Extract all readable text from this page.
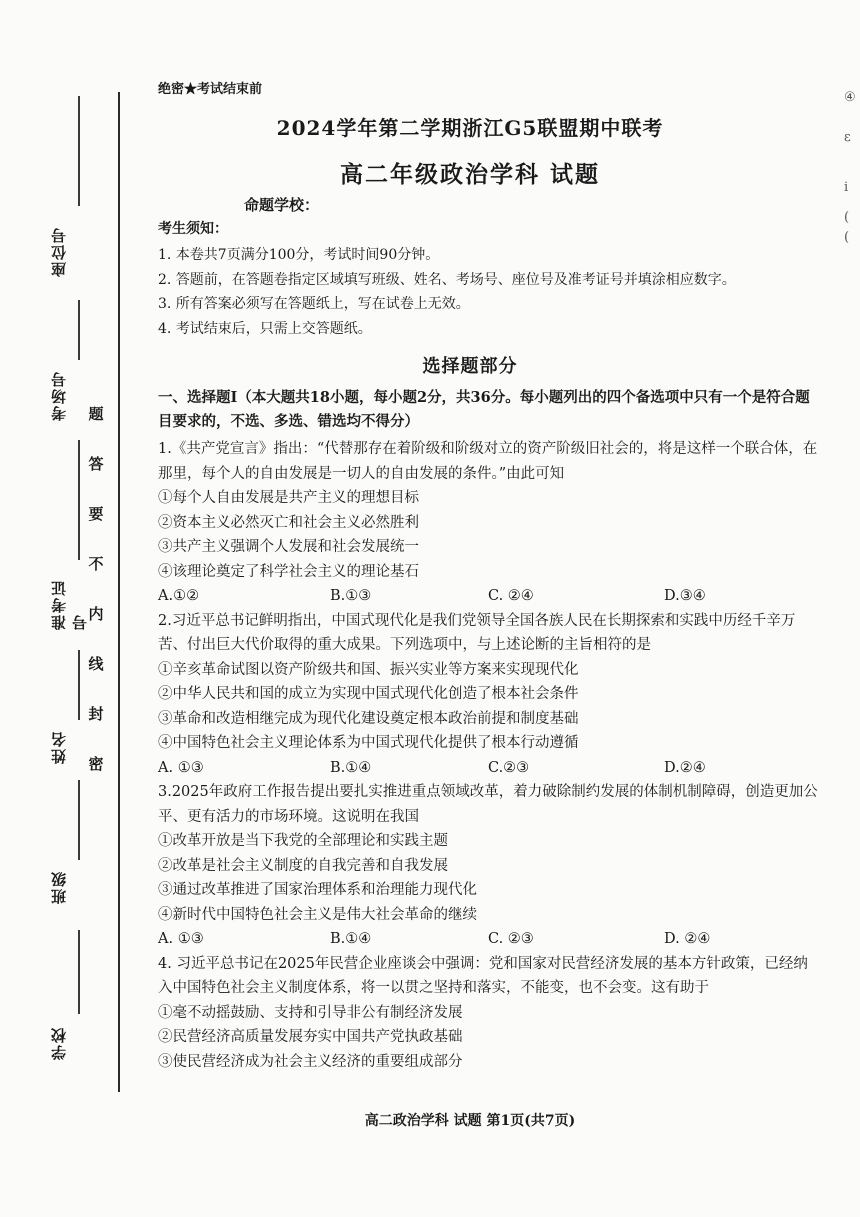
座位号
考场号
准考证号
姓名
班级
学校
题
答
要
不
内
线
封
密
④
ε
i
(
(
绝密★考试结束前
2024学年第二学期浙江G5联盟期中联考
高二年级政治学科 试题
命题学校：
考生须知：
1. 本卷共7页满分100分，考试时间90分钟。
2. 答题前，在答题卷指定区域填写班级、姓名、考场号、座位号及准考证号并填涂相应数字。
3. 所有答案必须写在答题纸上，写在试卷上无效。
4. 考试结束后，只需上交答题纸。
选择题部分
一、选择题Ⅰ（本大题共18小题，每小题2分，共36分。每小题列出的四个备选项中只有一个是符合题目要求的，不选、多选、错选均不得分）

1.《共产党宣言》指出：“代替那存在着阶级和阶级对立的资产阶级旧社会的，将是这样一个联合体，在那里，每个人的自由发展是一切人的自由发展的条件。”由此可知

①每个人自由发展是共产主义的理想目标

②资本主义必然灭亡和社会主义必然胜利

③共产主义强调个人发展和社会发展统一

④该理论奠定了科学社会主义的理论基石

A.①②	B.①③	C. ②④	D.③④

2.习近平总书记鲜明指出，中国式现代化是我们党领导全国各族人民在长期探索和实践中历经千辛万苦、付出巨大代价取得的重大成果。下列选项中，与上述论断的主旨相符的是

①辛亥革命试图以资产阶级共和国、振兴实业等方案来实现现代化

②中华人民共和国的成立为实现中国式现代化创造了根本社会条件

③革命和改造相继完成为现代化建设奠定根本政治前提和制度基础

④中国特色社会主义理论体系为中国式现代化提供了根本行动遵循

A. ①③	B.①④	C.②③	D.②④

3.2025年政府工作报告提出要扎实推进重点领域改革，着力破除制约发展的体制机制障碍，创造更加公平、更有活力的市场环境。这说明在我国

①改革开放是当下我党的全部理论和实践主题

②改革是社会主义制度的自我完善和自我发展

③通过改革推进了国家治理体系和治理能力现代化

④新时代中国特色社会主义是伟大社会革命的继续

A. ①③	B.①④	C. ②③	D. ②④

4. 习近平总书记在2025年民营企业座谈会中强调：党和国家对民营经济发展的基本方针政策，已经纳入中国特色社会主义制度体系，将一以贯之坚持和落实，不能变，也不会变。这有助于

①毫不动摇鼓励、支持和引导非公有制经济发展

②民营经济高质量发展夯实中国共产党执政基础

③使民营经济成为社会主义经济的重要组成部分

高二政治学科 试题 第1页(共7页)
